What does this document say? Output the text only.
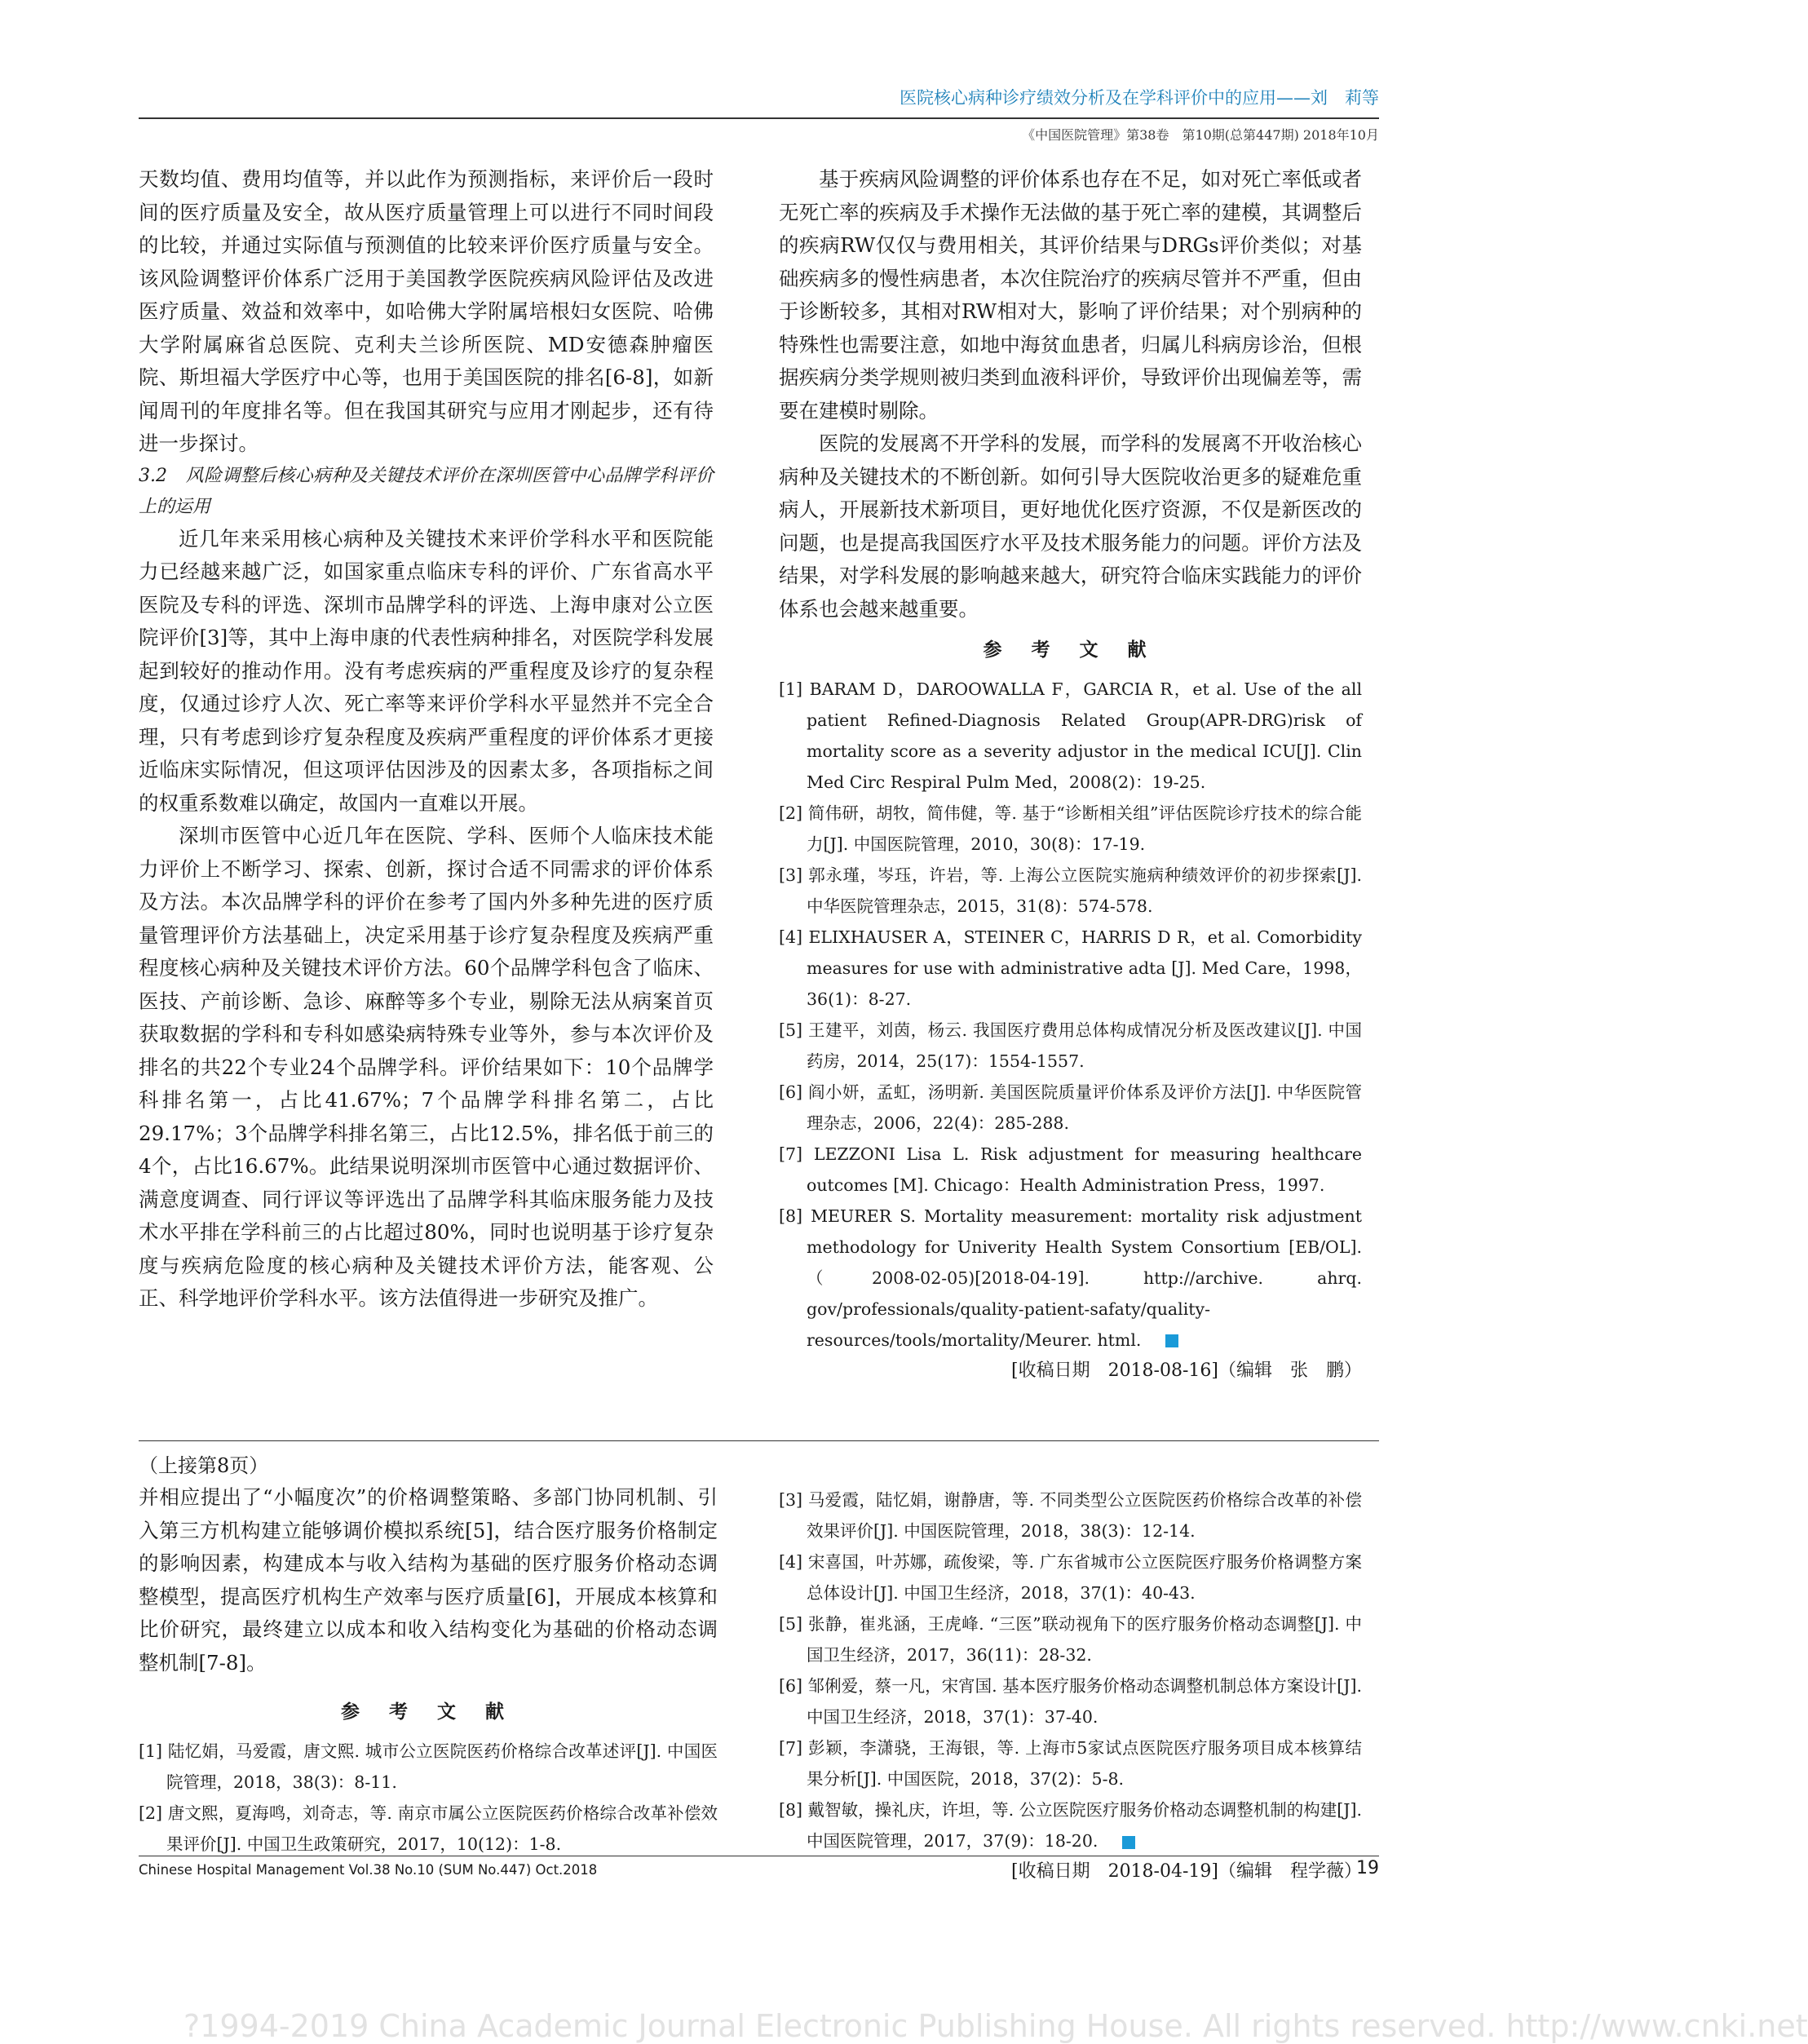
医院核心病种诊疗绩效分析及在学科评价中的应用——刘　莉等
《中国医院管理》第38卷　第10期(总第447期) 2018年10月

天数均值、费用均值等，并以此作为预测指标，来评价后一段时间的医疗质量及安全，故从医疗质量管理上可以进行不同时间段的比较，并通过实际值与预测值的比较来评价医疗质量与安全。该风险调整评价体系广泛用于美国教学医院疾病风险评估及改进医疗质量、效益和效率中，如哈佛大学附属培根妇女医院、哈佛大学附属麻省总医院、克利夫兰诊所医院、MD安德森肿瘤医院、斯坦福大学医疗中心等，也用于美国医院的排名[6-8]，如新闻周刊的年度排名等。但在我国其研究与应用才刚起步，还有待进一步探讨。

3.2　风险调整后核心病种及关键技术评价在深圳医管中心品牌学科评价上的运用

近几年来采用核心病种及关键技术来评价学科水平和医院能力已经越来越广泛，如国家重点临床专科的评价、广东省高水平医院及专科的评选、深圳市品牌学科的评选、上海申康对公立医院评价[3]等，其中上海申康的代表性病种排名，对医院学科发展起到较好的推动作用。没有考虑疾病的严重程度及诊疗的复杂程度，仅通过诊疗人次、死亡率等来评价学科水平显然并不完全合理，只有考虑到诊疗复杂程度及疾病严重程度的评价体系才更接近临床实际情况，但这项评估因涉及的因素太多，各项指标之间的权重系数难以确定，故国内一直难以开展。

深圳市医管中心近几年在医院、学科、医师个人临床技术能力评价上不断学习、探索、创新，探讨合适不同需求的评价体系及方法。本次品牌学科的评价在参考了国内外多种先进的医疗质量管理评价方法基础上，决定采用基于诊疗复杂程度及疾病严重程度核心病种及关键技术评价方法。60个品牌学科包含了临床、医技、产前诊断、急诊、麻醉等多个专业，剔除无法从病案首页获取数据的学科和专科如感染病特殊专业等外，参与本次评价及排名的共22个专业24个品牌学科。评价结果如下：10个品牌学科排名第一，占比41.67%；7个品牌学科排名第二，占比29.17%；3个品牌学科排名第三，占比12.5%，排名低于前三的4个，占比16.67%。此结果说明深圳市医管中心通过数据评价、满意度调查、同行评议等评选出了品牌学科其临床服务能力及技术水平排在学科前三的占比超过80%，同时也说明基于诊疗复杂度与疾病危险度的核心病种及关键技术评价方法，能客观、公正、科学地评价学科水平。该方法值得进一步研究及推广。

基于疾病风险调整的评价体系也存在不足，如对死亡率低或者无死亡率的疾病及手术操作无法做的基于死亡率的建模，其调整后的疾病RW仅仅与费用相关，其评价结果与DRGs评价类似；对基础疾病多的慢性病患者，本次住院治疗的疾病尽管并不严重，但由于诊断较多，其相对RW相对大，影响了评价结果；对个别病种的特殊性也需要注意，如地中海贫血患者，归属儿科病房诊治，但根据疾病分类学规则被归类到血液科评价，导致评价出现偏差等，需要在建模时剔除。

医院的发展离不开学科的发展，而学科的发展离不开收治核心病种及关键技术的不断创新。如何引导大医院收治更多的疑难危重病人，开展新技术新项目，更好地优化医疗资源，不仅是新医改的问题，也是提高我国医疗水平及技术服务能力的问题。评价方法及结果，对学科发展的影响越来越大，研究符合临床实践能力的评价体系也会越来越重要。

参 考 文 献

[1] BARAM D，DAROOWALLA F，GARCIA R，et al. Use of the all patient Refined-Diagnosis Related Group(APR-DRG)risk of mortality score as a severity adjustor in the medical ICU[J]. Clin Med Circ Respiral Pulm Med，2008(2)：19-25.

[2] 简伟研，胡牧，简伟健，等. 基于“诊断相关组”评估医院诊疗技术的综合能力[J]. 中国医院管理，2010，30(8)：17-19.

[3] 郭永瑾，岑珏，许岩，等. 上海公立医院实施病种绩效评价的初步探索[J]. 中华医院管理杂志，2015，31(8)：574-578.

[4] ELIXHAUSER A，STEINER C，HARRIS D R，et al. Comorbidity measures for use with administrative adta [J]. Med Care，1998，36(1)：8-27.

[5] 王建平，刘茵，杨云. 我国医疗费用总体构成情况分析及医改建议[J]. 中国药房，2014，25(17)：1554-1557.

[6] 阎小妍，孟虹，汤明新. 美国医院质量评价体系及评价方法[J]. 中华医院管理杂志，2006，22(4)：285-288.

[7] LEZZONI Lisa L. Risk adjustment for measuring healthcare outcomes [M]. Chicago：Health Administration Press，1997.

[8] MEURER S. Mortality measurement: mortality risk adjustment methodology for Univerity Health System Consortium [EB/OL].（2008-02-05)[2018-04-19]. http://archive. ahrq. gov/professionals/quality-patient-safaty/quality-resources/tools/mortality/Meurer. html.

[收稿日期　2018-08-16]（编辑　张　鹏）

（上接第8页）

并相应提出了“小幅度次”的价格调整策略、多部门协同机制、引入第三方机构建立能够调价模拟系统[5]，结合医疗服务价格制定的影响因素，构建成本与收入结构为基础的医疗服务价格动态调整模型，提高医疗机构生产效率与医疗质量[6]，开展成本核算和比价研究，最终建立以成本和收入结构变化为基础的价格动态调整机制[7-8]。

参 考 文 献

[1] 陆忆娟，马爱霞，唐文熙. 城市公立医院医药价格综合改革述评[J]. 中国医院管理，2018，38(3)：8-11.

[2] 唐文熙，夏海鸣，刘奇志，等. 南京市属公立医院医药价格综合改革补偿效果评价[J]. 中国卫生政策研究，2017，10(12)：1-8.

[3] 马爱霞，陆忆娟，谢静唐，等. 不同类型公立医院医药价格综合改革的补偿效果评价[J]. 中国医院管理，2018，38(3)：12-14.

[4] 宋喜国，叶苏娜，疏俊梁，等. 广东省城市公立医院医疗服务价格调整方案总体设计[J]. 中国卫生经济，2018，37(1)：40-43.

[5] 张静，崔兆涵，王虎峰. “三医”联动视角下的医疗服务价格动态调整[J]. 中国卫生经济，2017，36(11)：28-32.

[6] 邹俐爱，蔡一凡，宋宵国. 基本医疗服务价格动态调整机制总体方案设计[J]. 中国卫生经济，2018，37(1)：37-40.

[7] 彭颖，李潇骁，王海银，等. 上海市5家试点医院医疗服务项目成本核算结果分析[J]. 中国医院，2018，37(2)：5-8.

[8] 戴智敏，操礼庆，许坦，等. 公立医院医疗服务价格动态调整机制的构建[J]. 中国医院管理，2017，37(9)：18-20.

[收稿日期　2018-04-19]（编辑　程学薇）
Chinese Hospital Management Vol.38 No.10 (SUM No.447) Oct.2018	19
?1994-2019 China Academic Journal Electronic Publishing House. All rights reserved. http://www.cnki.net
